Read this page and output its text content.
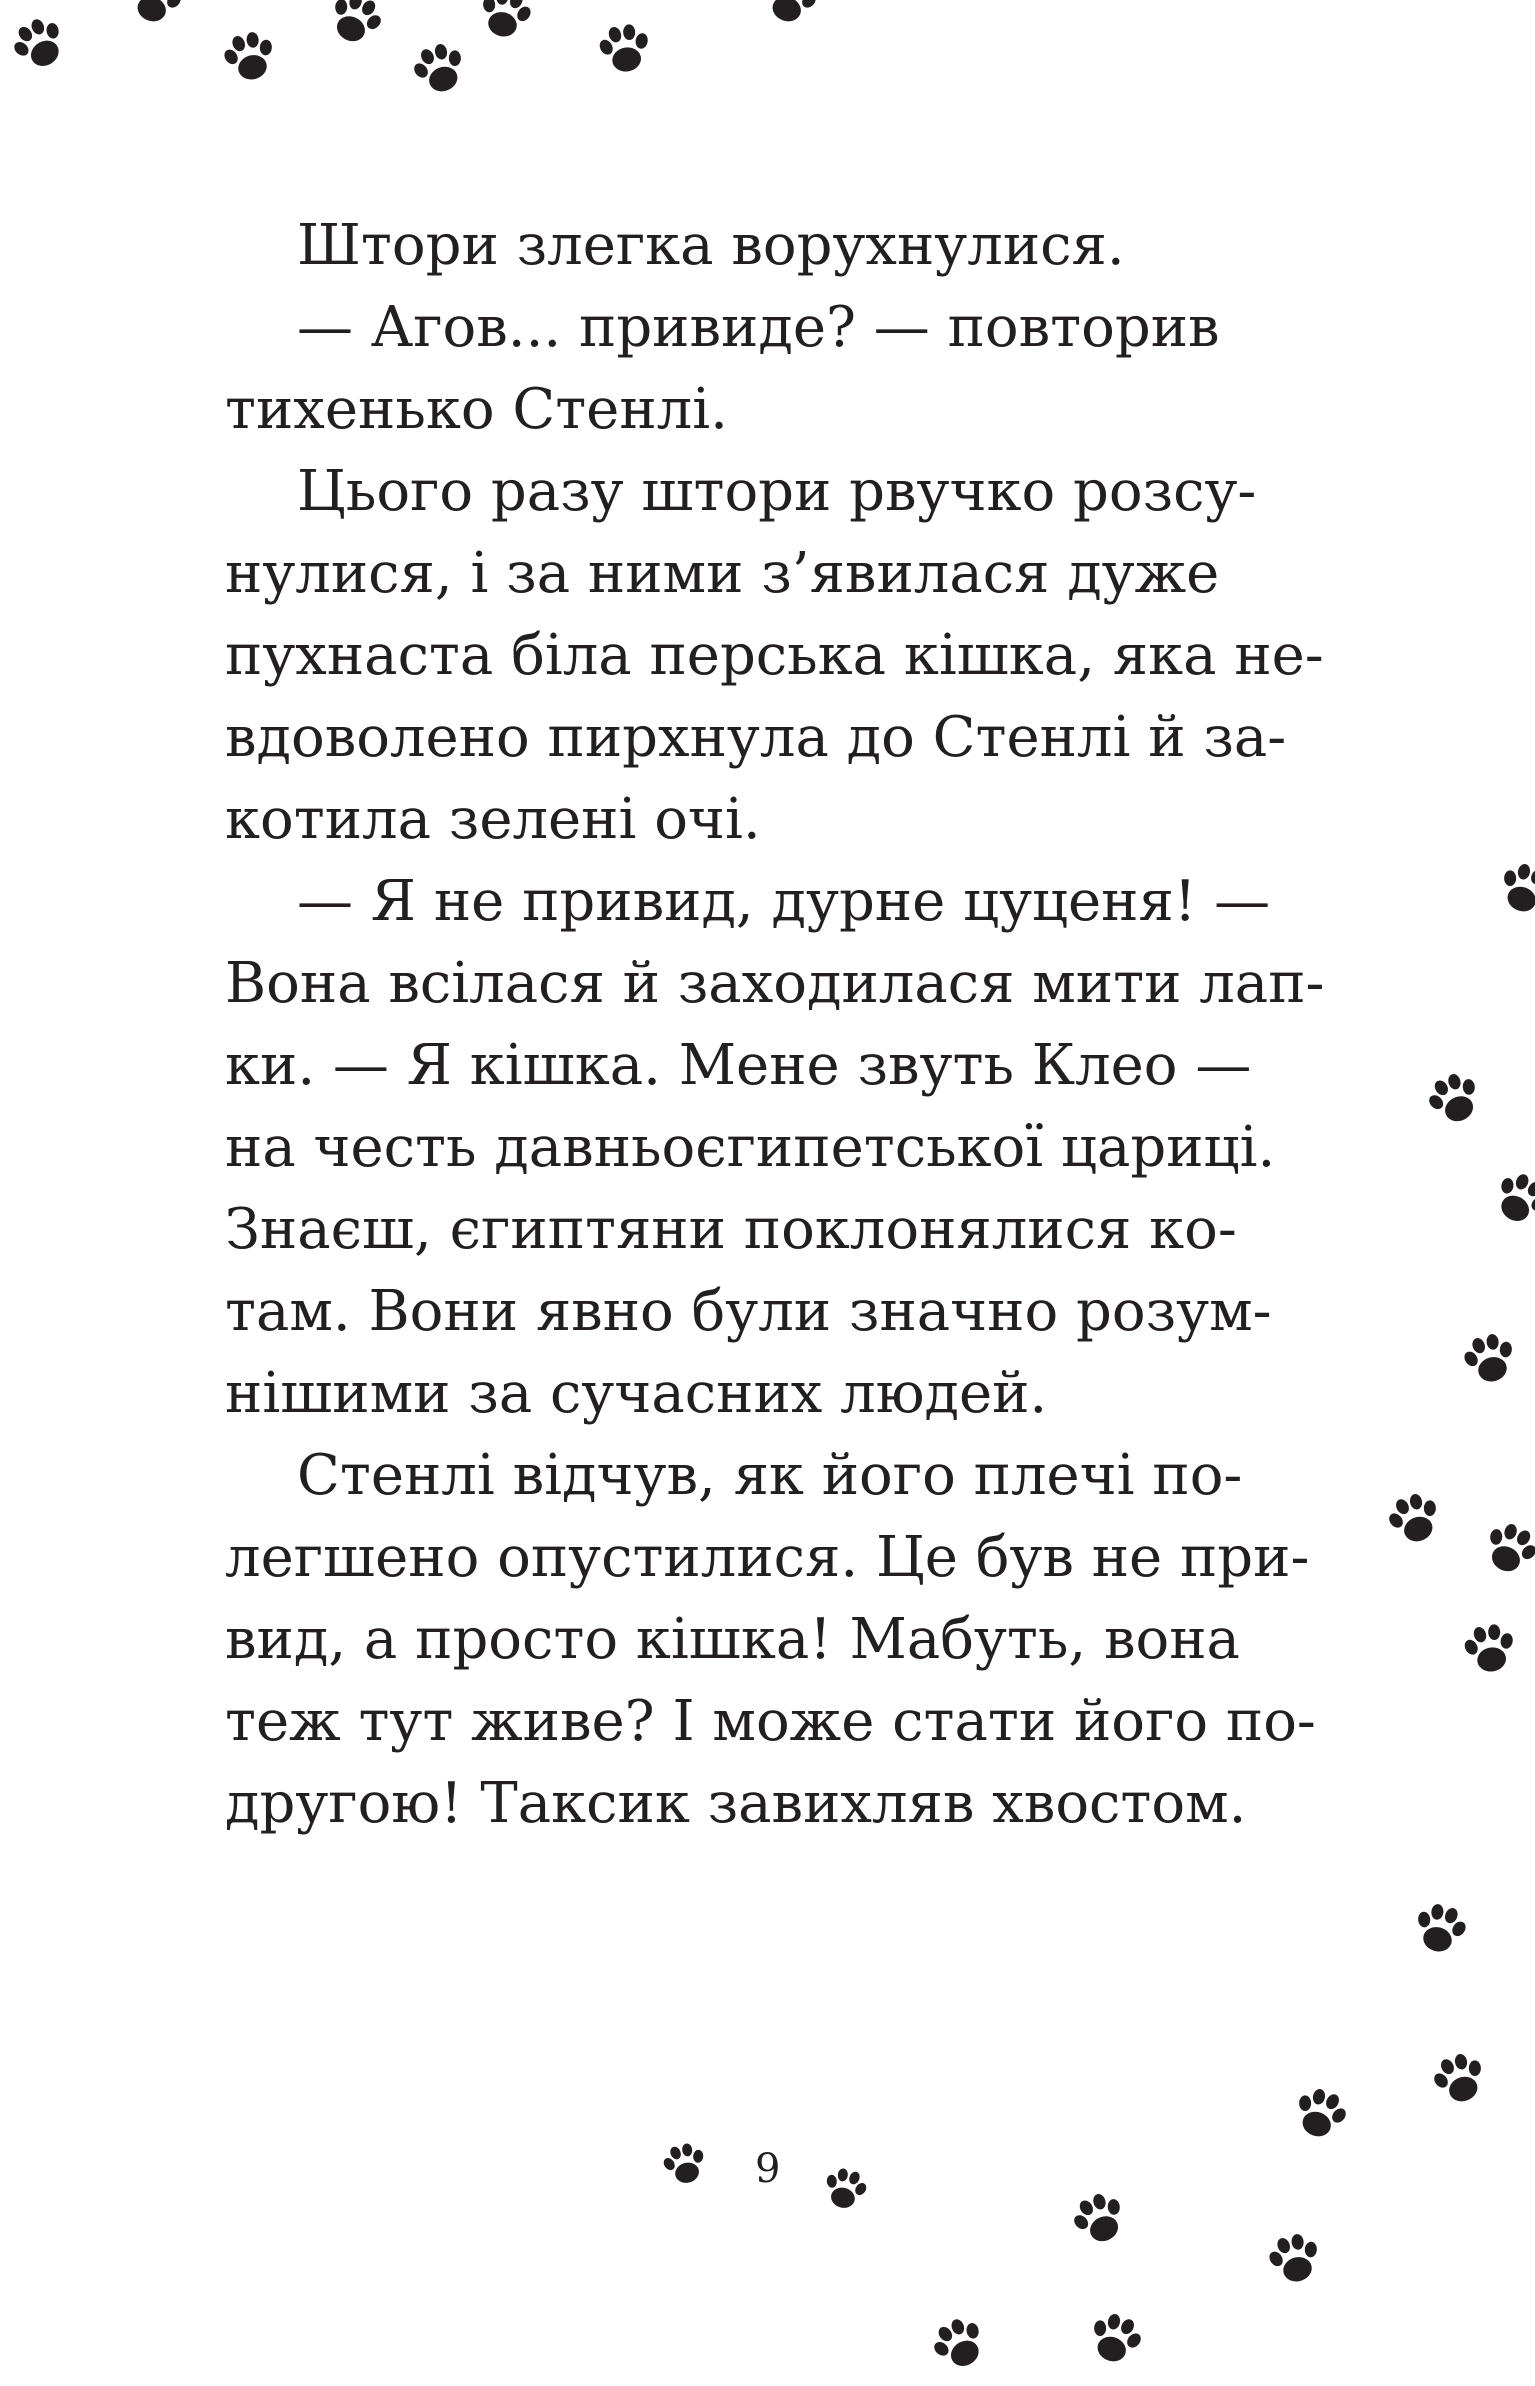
Штори злегка ворухнулися.
— Агов... привиде? — повторив
тихенько Стенлі.
Цього разу штори рвучко розсу-
нулися, і за ними з’явилася дуже
пухнаста біла перська кішка, яка не-
вдоволено пирхнула до Стенлі й за-
котила зелені очі.
— Я не привид, дурне цуценя! —
Вона всілася й заходилася мити лап-
ки. — Я кішка. Мене звуть Клео —
на честь давньоєгипетської цариці.
Знаєш, єгиптяни поклонялися ко-
там. Вони явно були значно розум-
нішими за сучасних людей.
Стенлі відчув, як його плечі по-
легшено опустилися. Це був не при-
вид, а просто кішка! Мабуть, вона
теж тут живе? І може стати його по-
другою! Таксик завихляв хвостом.
9
